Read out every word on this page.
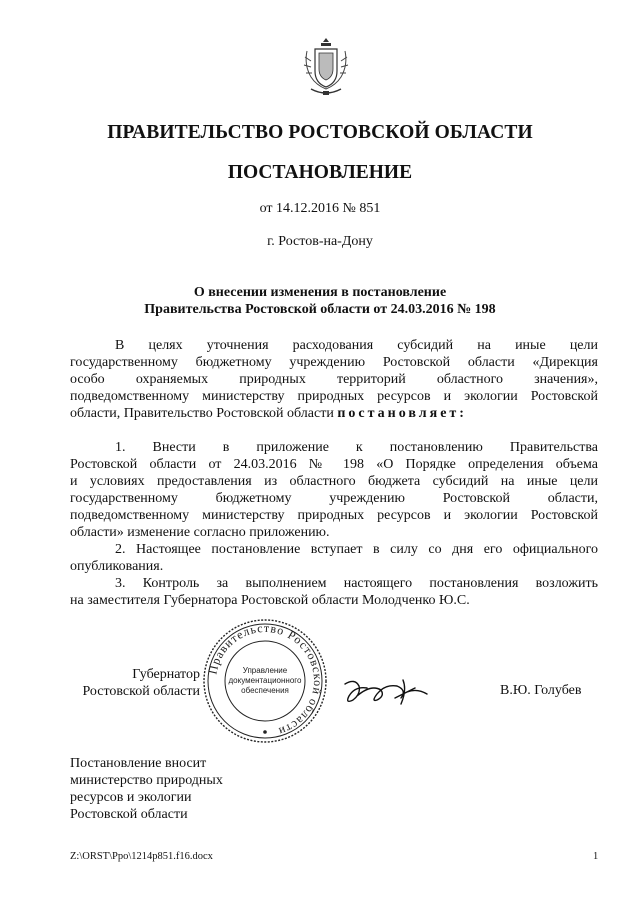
ПРАВИТЕЛЬСТВО РОСТОВСКОЙ ОБЛАСТИ
ПОСТАНОВЛЕНИЕ
от 14.12.2016 № 851
г. Ростов-на-Дону
О внесении изменения в постановление
Правительства Ростовской области от 24.03.2016 № 198
В целях уточнения расходования субсидий на иные цели
государственному бюджетному учреждению Ростовской области «Дирекция
особо охраняемых природных территорий областного значения»,
подведомственному министерству природных ресурсов и экологии Ростовской
области, Правительство Ростовской области постановляет:
1. Внести в приложение к постановлению Правительства
Ростовской области от 24.03.2016 № 198 «О Порядке определения объема
и условиях предоставления из областного бюджета субсидий на иные цели
государственному бюджетному учреждению Ростовской области,
подведомственному министерству природных ресурсов и экологии Ростовской
области» изменение согласно приложению.
2. Настоящее постановление вступает в силу со дня его официального
опубликования.
3. Контроль за выполнением настоящего постановления возложить
на заместителя Губернатора Ростовской области Молодченко Ю.С.
Губернатор
Ростовской области
Правительство Ростовской области
Управление
документационного
обеспечения	В.Ю. Голубев
Постановление вносит
министерство природных
ресурсов и экологии
Ростовской области
Z:\ORST\Ppo\1214p851.f16.docx	1
